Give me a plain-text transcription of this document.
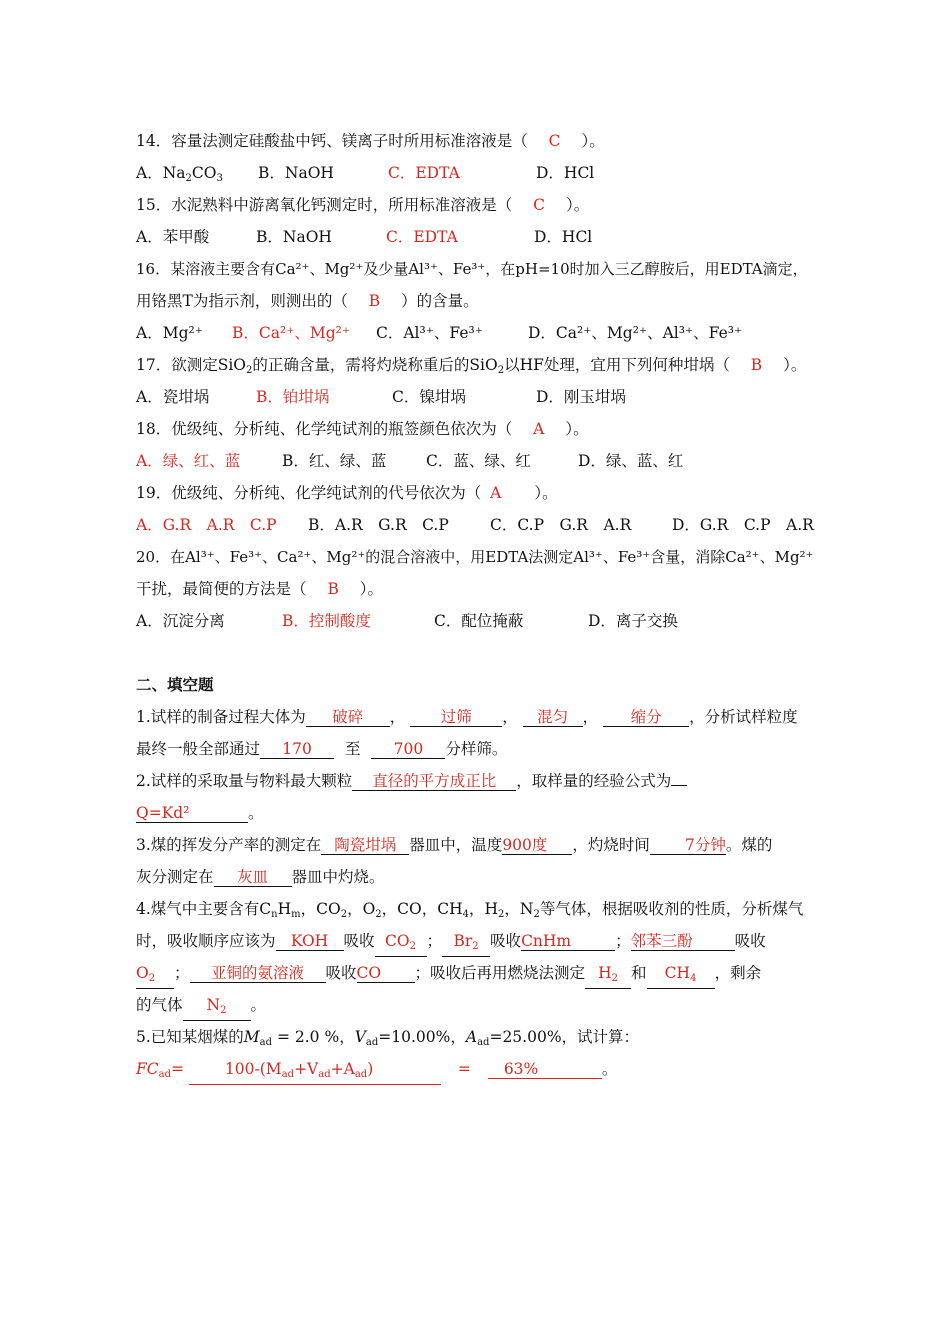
14．容量法测定硅酸盐中钙、镁离子时所用标准溶液是（ C ）。
A．$Na_2CO_3$ B．NaOH	C．EDTA	D．HCl
15．水泥熟料中游离氧化钙测定时，所用标准溶液是（ C ）。
A．苯甲酸	B．NaOH	C．EDTA	D．HCl
16．某溶液主要含有Ca²⁺、Mg²⁺及少量Al³⁺、Fe³⁺，在pH=10时加入三乙醇胺后，用EDTA滴定，
用铬黑T为指示剂，则测出的（ B ）的含量。
A．Mg²⁺ B．Ca²⁺、Mg²⁺ C．Al³⁺、Fe³⁺	D．Ca²⁺、Mg²⁺、Al³⁺、Fe³⁺
17．欲测定SiO$_2$的正确含量，需将灼烧称重后的SiO$_2$以HF处理，宜用下列何种坩埚（ B ）。
A．瓷坩埚	B．铂坩埚	C．镍坩埚	D．刚玉坩埚
18．优级纯、分析纯、化学纯试剂的瓶签颜色依次为（ A ）。
A．绿、红、蓝	B．红、绿、蓝	C．蓝、绿、红	D．绿、蓝、红
19．优级纯、分析纯、化学纯试剂的代号依次为（ A ）。
A．G.R　A.R　C.P B．A.R　G.R　C.P	C．C.P　G.R　A.R	D．G.R　C.P　A.R
20．在Al³⁺、Fe³⁺、Ca²⁺、Mg²⁺的混合溶液中，用EDTA法测定Al³⁺、Fe³⁺含量，消除Ca²⁺、Mg²⁺
干扰，最简便的方法是（ B ）。
A．沉淀分离	B．控制酸度	C．配位掩蔽	D．离子交换
二、填空题
1.试样的制备过程大体为 破碎 ， 过筛 ， 混匀 ， 缩分 ，分析试样粒度
最终一般全部通过 170 至 700 分样筛。
2.试样的采取量与物料最大颗粒 直径的平方成正比 ，取样量的经验公式为
Q=Kd²	。
3.煤的挥发分产率的测定在 陶瓷坩埚 器皿中，温度900度 ，灼烧时间 7分钟。煤的
灰分测定在 灰皿 器皿中灼烧。
4.煤气中主要含有$C_nH_m$，$CO_2$，$O_2$，CO，$CH_4$，$H_2$，$N_2$等气体，根据吸收剂的性质，分析煤气
时，吸收顺序应该为 KOH 吸收 $CO_2$ ； $Br_2$ 吸收CnHm	；邻苯三酚	吸收
$O_2$ ； 亚铜的氨溶液 吸收CO ；吸收后再用燃烧法测定 $H_2$ 和 $CH_4$ ，剩余
的气体 $N_2$ 。
5.已知某烟煤的$M_{ad} = 2.0$ %，$V_{ad}=10.00\%$，$A_{ad}=25.00\%$，试计算：
$FC_{ad}=$	$100-(M_{ad}+V_{ad}+A_{ad})$	= 63%	。
